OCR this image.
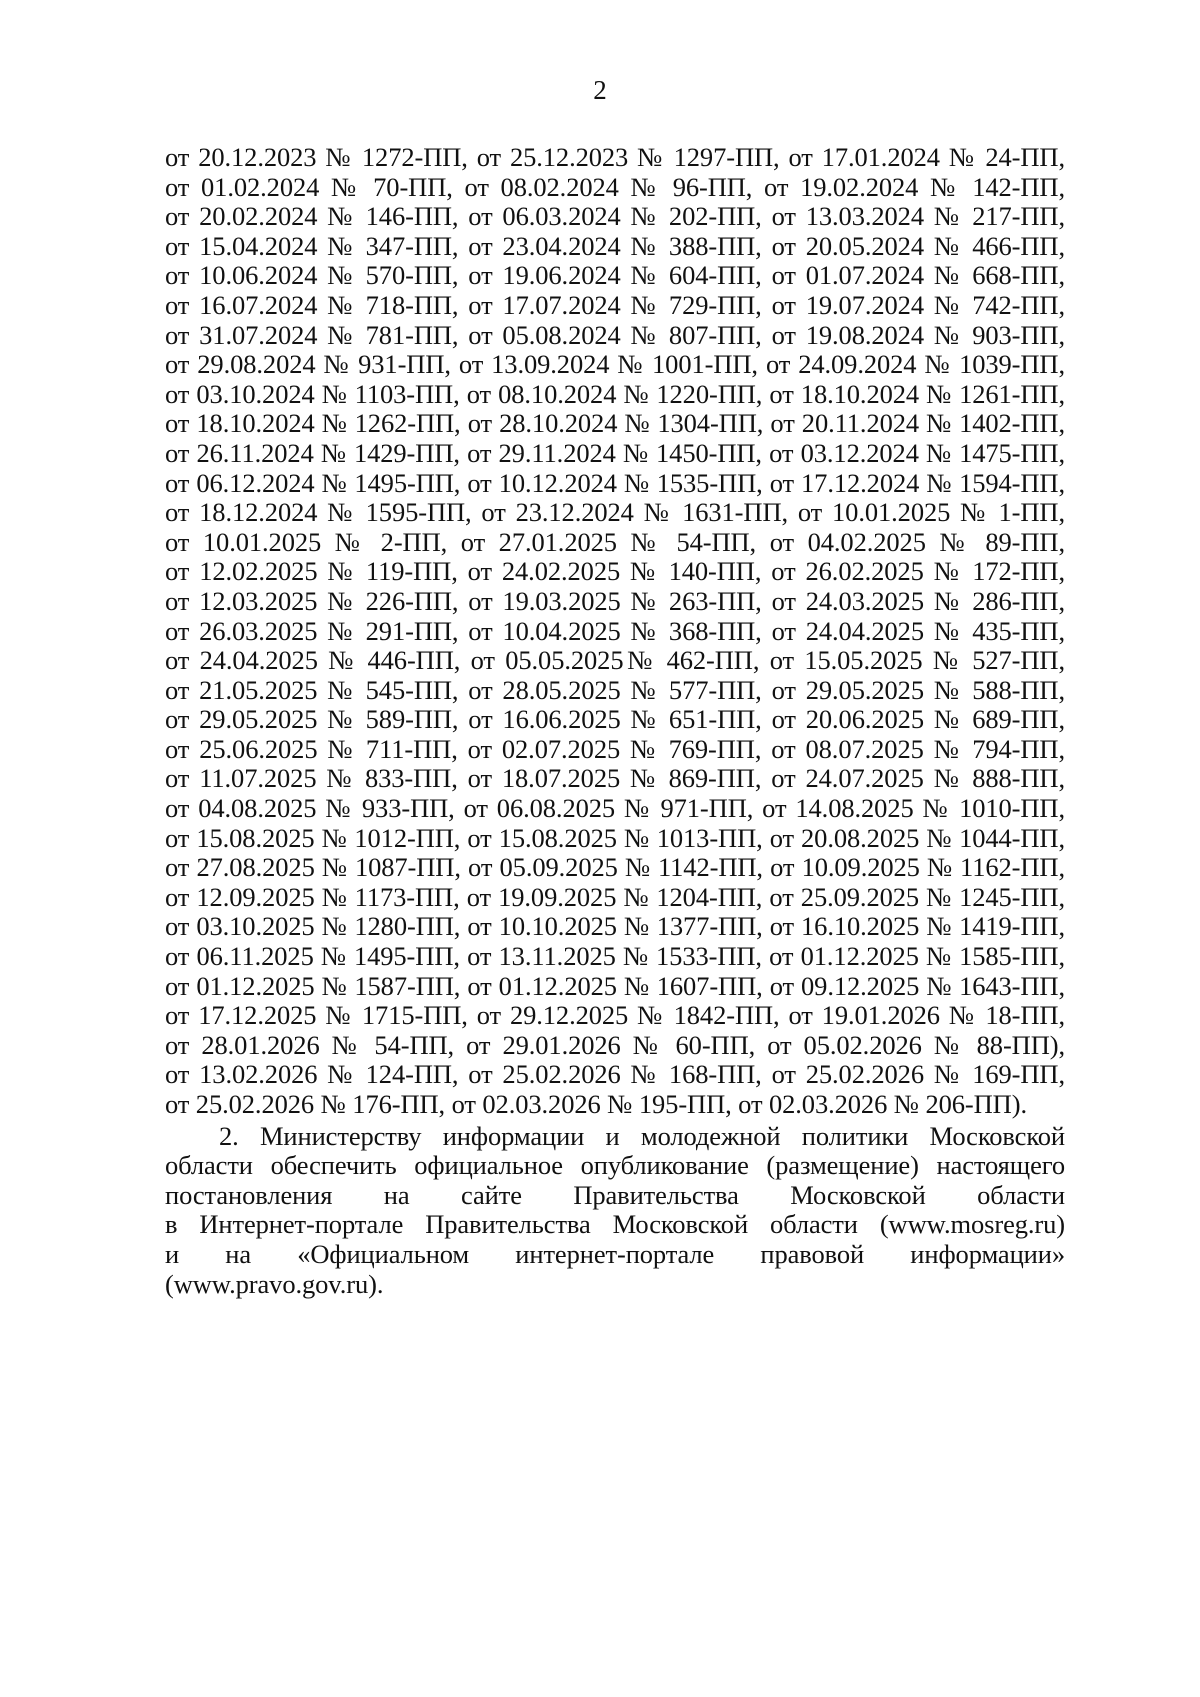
2
от 20.12.2023 № 1272-ПП, от 25.12.2023 № 1297-ПП, от 17.01.2024 № 24-ПП,
от 01.02.2024 № 70-ПП, от 08.02.2024 № 96-ПП, от 19.02.2024 № 142-ПП,
от 20.02.2024 № 146-ПП, от 06.03.2024 № 202-ПП, от 13.03.2024 № 217-ПП,
от 15.04.2024 № 347-ПП, от 23.04.2024 № 388-ПП, от 20.05.2024 № 466-ПП,
от 10.06.2024 № 570-ПП, от 19.06.2024 № 604-ПП, от 01.07.2024 № 668-ПП,
от 16.07.2024 № 718-ПП, от 17.07.2024 № 729-ПП, от 19.07.2024 № 742-ПП,
от 31.07.2024 № 781-ПП, от 05.08.2024 № 807-ПП, от 19.08.2024 № 903-ПП,
от 29.08.2024 № 931-ПП, от 13.09.2024 № 1001-ПП, от 24.09.2024 № 1039-ПП,
от 03.10.2024 № 1103-ПП, от 08.10.2024 № 1220-ПП, от 18.10.2024 № 1261-ПП,
от 18.10.2024 № 1262-ПП, от 28.10.2024 № 1304-ПП, от 20.11.2024 № 1402-ПП,
от 26.11.2024 № 1429-ПП, от 29.11.2024 № 1450-ПП, от 03.12.2024 № 1475-ПП,
от 06.12.2024 № 1495-ПП, от 10.12.2024 № 1535-ПП, от 17.12.2024 № 1594-ПП,
от 18.12.2024 № 1595-ПП, от 23.12.2024 № 1631-ПП, от 10.01.2025 № 1-ПП,
от 10.01.2025 № 2-ПП, от 27.01.2025 № 54-ПП, от 04.02.2025 № 89-ПП,
от 12.02.2025 № 119-ПП, от 24.02.2025 № 140-ПП, от 26.02.2025 № 172-ПП,
от 12.03.2025 № 226-ПП, от 19.03.2025 № 263-ПП, от 24.03.2025 № 286-ПП,
от 26.03.2025 № 291-ПП, от 10.04.2025 № 368-ПП, от 24.04.2025 № 435-ПП,
от 24.04.2025 № 446-ПП, от 05.05.2025№ 462-ПП, от 15.05.2025 № 527-ПП,
от 21.05.2025 № 545-ПП, от 28.05.2025 № 577-ПП, от 29.05.2025 № 588-ПП,
от 29.05.2025 № 589-ПП, от 16.06.2025 № 651-ПП, от 20.06.2025 № 689-ПП,
от 25.06.2025 № 711-ПП, от 02.07.2025 № 769-ПП, от 08.07.2025 № 794-ПП,
от 11.07.2025 № 833-ПП, от 18.07.2025 № 869-ПП, от 24.07.2025 № 888-ПП,
от 04.08.2025 № 933-ПП, от 06.08.2025 № 971-ПП, от 14.08.2025 № 1010-ПП,
от 15.08.2025 № 1012-ПП, от 15.08.2025 № 1013-ПП, от 20.08.2025 № 1044-ПП,
от 27.08.2025 № 1087-ПП, от 05.09.2025 № 1142-ПП, от 10.09.2025 № 1162-ПП,
от 12.09.2025 № 1173-ПП, от 19.09.2025 № 1204-ПП, от 25.09.2025 № 1245-ПП,
от 03.10.2025 № 1280-ПП, от 10.10.2025 № 1377-ПП, от 16.10.2025 № 1419-ПП,
от 06.11.2025 № 1495-ПП, от 13.11.2025 № 1533-ПП, от 01.12.2025 № 1585-ПП,
от 01.12.2025 № 1587-ПП, от 01.12.2025 № 1607-ПП, от 09.12.2025 № 1643-ПП,
от 17.12.2025 № 1715-ПП, от 29.12.2025 № 1842-ПП, от 19.01.2026 № 18-ПП,
от 28.01.2026 № 54-ПП, от 29.01.2026 № 60-ПП, от 05.02.2026 № 88-ПП),
от 13.02.2026 № 124-ПП, от 25.02.2026 № 168-ПП, от 25.02.2026 № 169-ПП,
от 25.02.2026 № 176-ПП, от 02.03.2026 № 195-ПП, от 02.03.2026 № 206-ПП).
2. Министерству информации и молодежной политики Московской
области обеспечить официальное опубликование (размещение) настоящего
постановления на сайте Правительства Московской области
в Интернет-портале Правительства Московской области (www.mosreg.ru)
и на «Официальном интернет-портале правовой информации»
(www.pravo.gov.ru).
